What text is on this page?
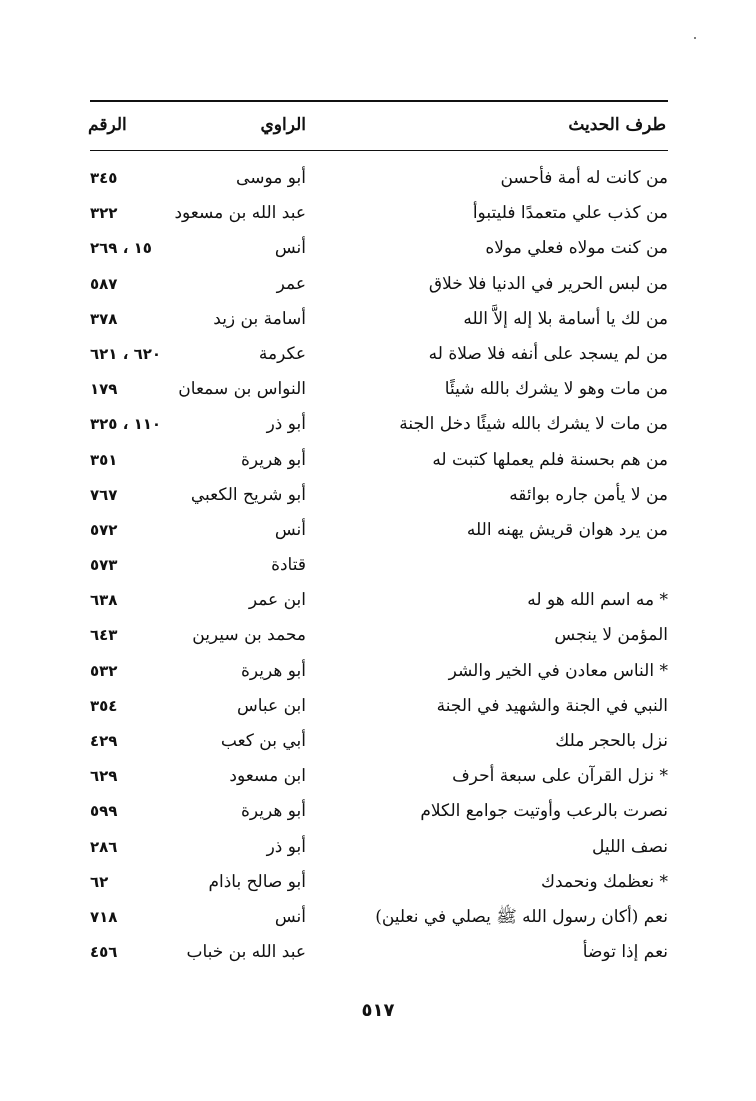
طرف الحديث
الراوي
الرقم
من كانت له أمة فأحسن
أبو موسى
٣٤٥
من كذب علي متعمدًا فليتبوأ
عبد الله بن مسعود
٣٢٢
من كنت مولاه فعلي مولاه
أنس
١٥ ، ٢٦٩
من لبس الحرير في الدنيا فلا خلاق
عمر
٥٨٧
من لك يا أسامة بلا إله إلاَّ الله
أسامة بن زيد
٣٧٨
من لم يسجد على أنفه فلا صلاة له
عكرمة
٦٢٠ ، ٦٢١
من مات وهو لا يشرك بالله شيئًا
النواس بن سمعان
١٧٩
من مات لا يشرك بالله شيئًا دخل الجنة
أبو ذر
١١٠ ، ٣٢٥
من هم بحسنة فلم يعملها كتبت له
أبو هريرة
٣٥١
من لا يأمن جاره بوائقه
أبو شريح الكعبي
٧٦٧
من يرد هوان قريش يهنه الله
أنس
٥٧٢
قتادة
٥٧٣
* مه اسم الله هو له
ابن عمر
٦٣٨
المؤمن لا ينجس
محمد بن سيرين
٦٤٣
* الناس معادن في الخير والشر
أبو هريرة
٥٣٢
النبي في الجنة والشهيد في الجنة
ابن عباس
٣٥٤
نزل بالحجر ملك
أبي بن كعب
٤٢٩
* نزل القرآن على سبعة أحرف
ابن مسعود
٦٢٩
نصرت بالرعب وأوتيت جوامع الكلام
أبو هريرة
٥٩٩
نصف الليل
أبو ذر
٢٨٦
* نعظمك ونحمدك
أبو صالح باذام
٦٢
نعم (أكان رسول الله ﷺ يصلي في نعلين)
أنس
٧١٨
نعم إذا توضأ
عبد الله بن خباب
٤٥٦
٥١٧
